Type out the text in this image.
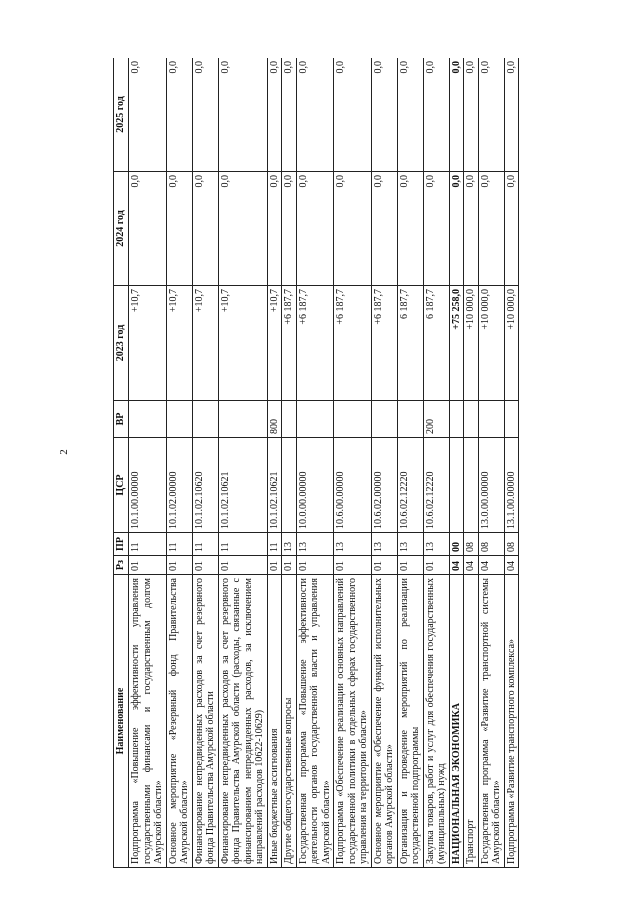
2
Наименование	Рз	ПР	ЦСР	ВР	2023 год	2024 год	2025 год
Подпрограмма «Повышение эффективности управления государственными финансами и государственным долгом Амурской области»	01	11	10.1.00.00000		+10,7	0,0	0,0
Основное мероприятие «Резервный фонд Правительства Амурской области»	01	11	10.1.02.00000		+10,7	0,0	0,0
Финансирование непредвиденных расходов за счет резервного фонда Правительства Амурской области	01	11	10.1.02.10620		+10,7	0,0	0,0
Финансирование непредвиденных расходов за счет резервного фонда Правительства Амурской области (расходы, связанные с финансированием непредвиденных расходов, за исключением направлений расходов 10622-10629)	01	11	10.1.02.10621		+10,7	0,0	0,0
Иные бюджетные ассигнования	01	11	10.1.02.10621	800	+10,7	0,0	0,0
Другие общегосударственные вопросы	01	13			+6 187,7	0,0	0,0
Государственная программа «Повышение эффективности деятельности органов государственной власти и управления Амурской области»	01	13	10.0.00.00000		+6 187,7	0,0	0,0
Подпрограмма «Обеспечение реализации основных направлений государственной политики в отдельных сферах государственного управления на территории области»	01	13	10.6.00.00000		+6 187,7	0,0	0,0
Основное мероприятие «Обеспечение функций исполнительных органов Амурской области»	01	13	10.6.02.00000		+6 187,7	0,0	0,0
Организация и проведение мероприятий по реализации государственной подпрограммы	01	13	10.6.02.12220		6 187,7	0,0	0,0
Закупка товаров, работ и услуг для обеспечения государственных (муниципальных) нужд	01	13	10.6.02.12220	200	6 187,7	0,0	0,0
НАЦИОНАЛЬНАЯ ЭКОНОМИКА	04	00			+75 258,0	0,0	0,0
Транспорт	04	08			+10 000,0	0,0	0,0
Государственная программа «Развитие транспортной системы Амурской области»	04	08	13.0.00.00000		+10 000,0	0,0	0,0
Подпрограмма «Развитие транспортного комплекса»	04	08	13.1.00.00000		+10 000,0	0,0	0,0
